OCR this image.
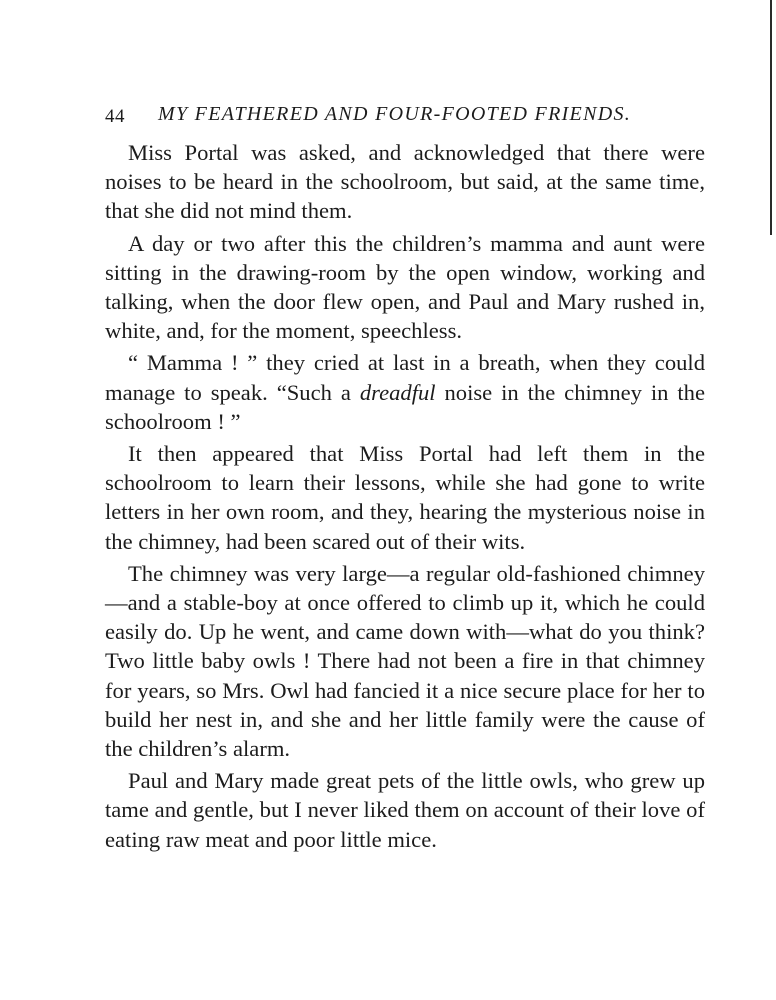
44 MY FEATHERED AND FOUR-FOOTED FRIENDS.

Miss Portal was asked, and acknowledged that there were noises to be heard in the schoolroom, but said, at the same time, that she did not mind them.

A day or two after this the children’s mamma and aunt were sitting in the drawing-room by the open window, working and talking, when the door flew open, and Paul and Mary rushed in, white, and, for the moment, speechless.

“ Mamma ! ” they cried at last in a breath, when they could manage to speak. “Such a dreadful noise in the chimney in the schoolroom ! ”

It then appeared that Miss Portal had left them in the schoolroom to learn their lessons, while she had gone to write letters in her own room, and they, hearing the mysterious noise in the chimney, had been scared out of their wits.

The chimney was very large—a regular old-fashioned chimney—and a stable-boy at once offered to climb up it, which he could easily do. Up he went, and came down with—what do you think? Two little baby owls ! There had not been a fire in that chimney for years, so Mrs. Owl had fancied it a nice secure place for her to build her nest in, and she and her little family were the cause of the children’s alarm.

Paul and Mary made great pets of the little owls, who grew up tame and gentle, but I never liked them on account of their love of eating raw meat and poor little mice.
